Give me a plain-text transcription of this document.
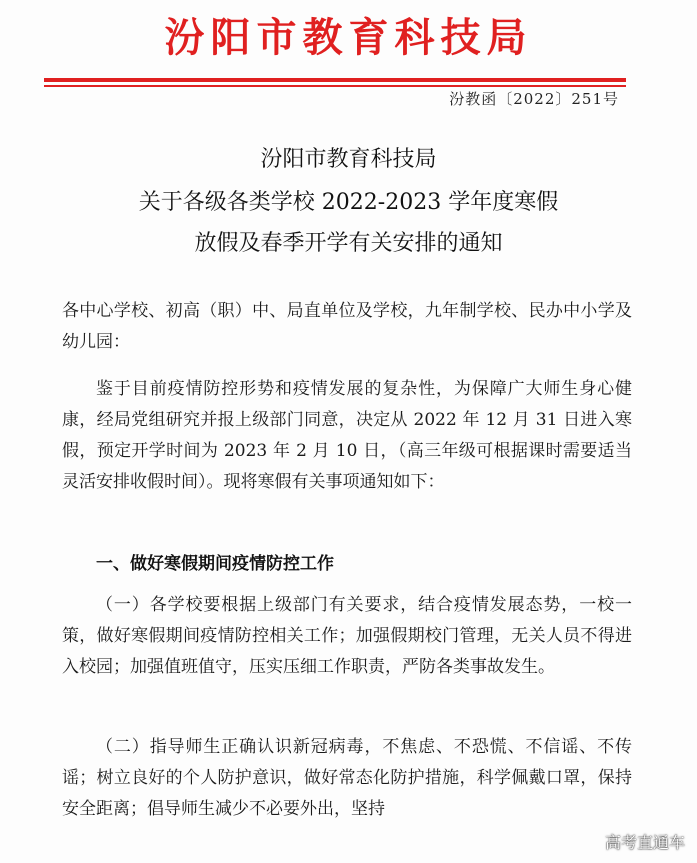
汾阳市教育科技局
汾教函〔2022〕251号
汾阳市教育科技局
关于各级各类学校 2022-2023 学年度寒假
放假及春季开学有关安排的通知

各中心学校、初高（职）中、局直单位及学校，九年制学校、民办中小学及幼儿园：

鉴于目前疫情防控形势和疫情发展的复杂性，为保障广大师生身心健康，经局党组研究并报上级部门同意，决定从 2022 年 12 月 31 日进入寒假，预定开学时间为 2023 年 2 月 10 日，（高三年级可根据课时需要适当灵活安排收假时间）。现将寒假有关事项通知如下：

一、做好寒假期间疫情防控工作

（一）各学校要根据上级部门有关要求，结合疫情发展态势，一校一策，做好寒假期间疫情防控相关工作；加强假期校门管理，无关人员不得进入校园；加强值班值守，压实压细工作职责，严防各类事故发生。

（二）指导师生正确认识新冠病毒，不焦虑、不恐慌、不信谣、不传谣；树立良好的个人防护意识，做好常态化防护措施，科学佩戴口罩，保持安全距离；倡导师生减少不必要外出，坚持

高考直通车
